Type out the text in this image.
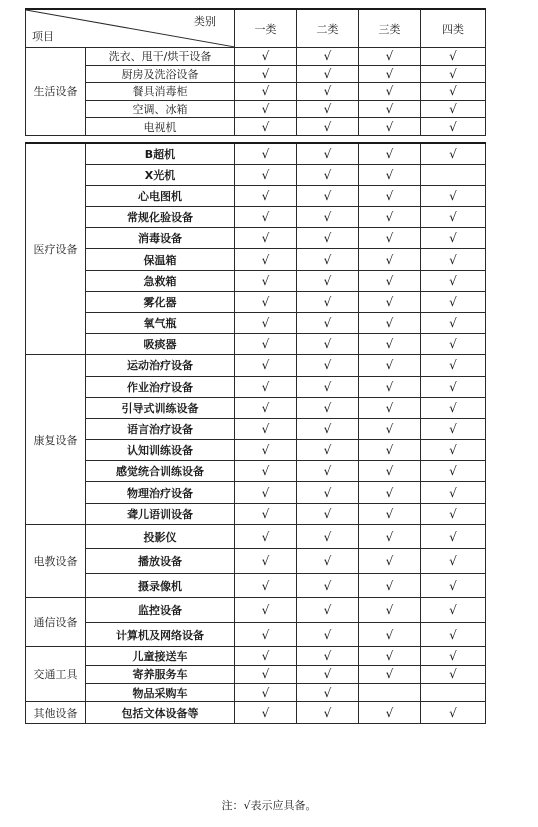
类别
项目		一类	二类	三类	四类
生活设备	洗衣、甩干/烘干设备	√	√	√	√
	厨房及洗浴设备	√	√	√	√
	餐具消毒柜	√	√	√	√
	空调、冰箱	√	√	√	√
	电视机	√	√	√	√

医疗设备	B超机	√	√	√	√
	X光机	√	√	√	
	心电图机	√	√	√	√
	常规化验设备	√	√	√	√
	消毒设备	√	√	√	√
	保温箱	√	√	√	√
	急救箱	√	√	√	√
	雾化器	√	√	√	√
	氧气瓶	√	√	√	√
	吸痰器	√	√	√	√
康复设备	运动治疗设备	√	√	√	√
	作业治疗设备	√	√	√	√
	引导式训练设备	√	√	√	√
	语言治疗设备	√	√	√	√
	认知训练设备	√	√	√	√
	感觉统合训练设备	√	√	√	√
	物理治疗设备	√	√	√	√
	聋儿语训设备	√	√	√	√
电教设备	投影仪	√	√	√	√
	播放设备	√	√	√	√
	摄录像机	√	√	√	√
通信设备	监控设备	√	√	√	√
	计算机及网络设备	√	√	√	√
交通工具	儿童接送车	√	√	√	√
	寄养服务车	√	√	√	√
	物品采购车	√	√		
其他设备	包括文体设备等	√	√	√	√
注：√表示应具备。
